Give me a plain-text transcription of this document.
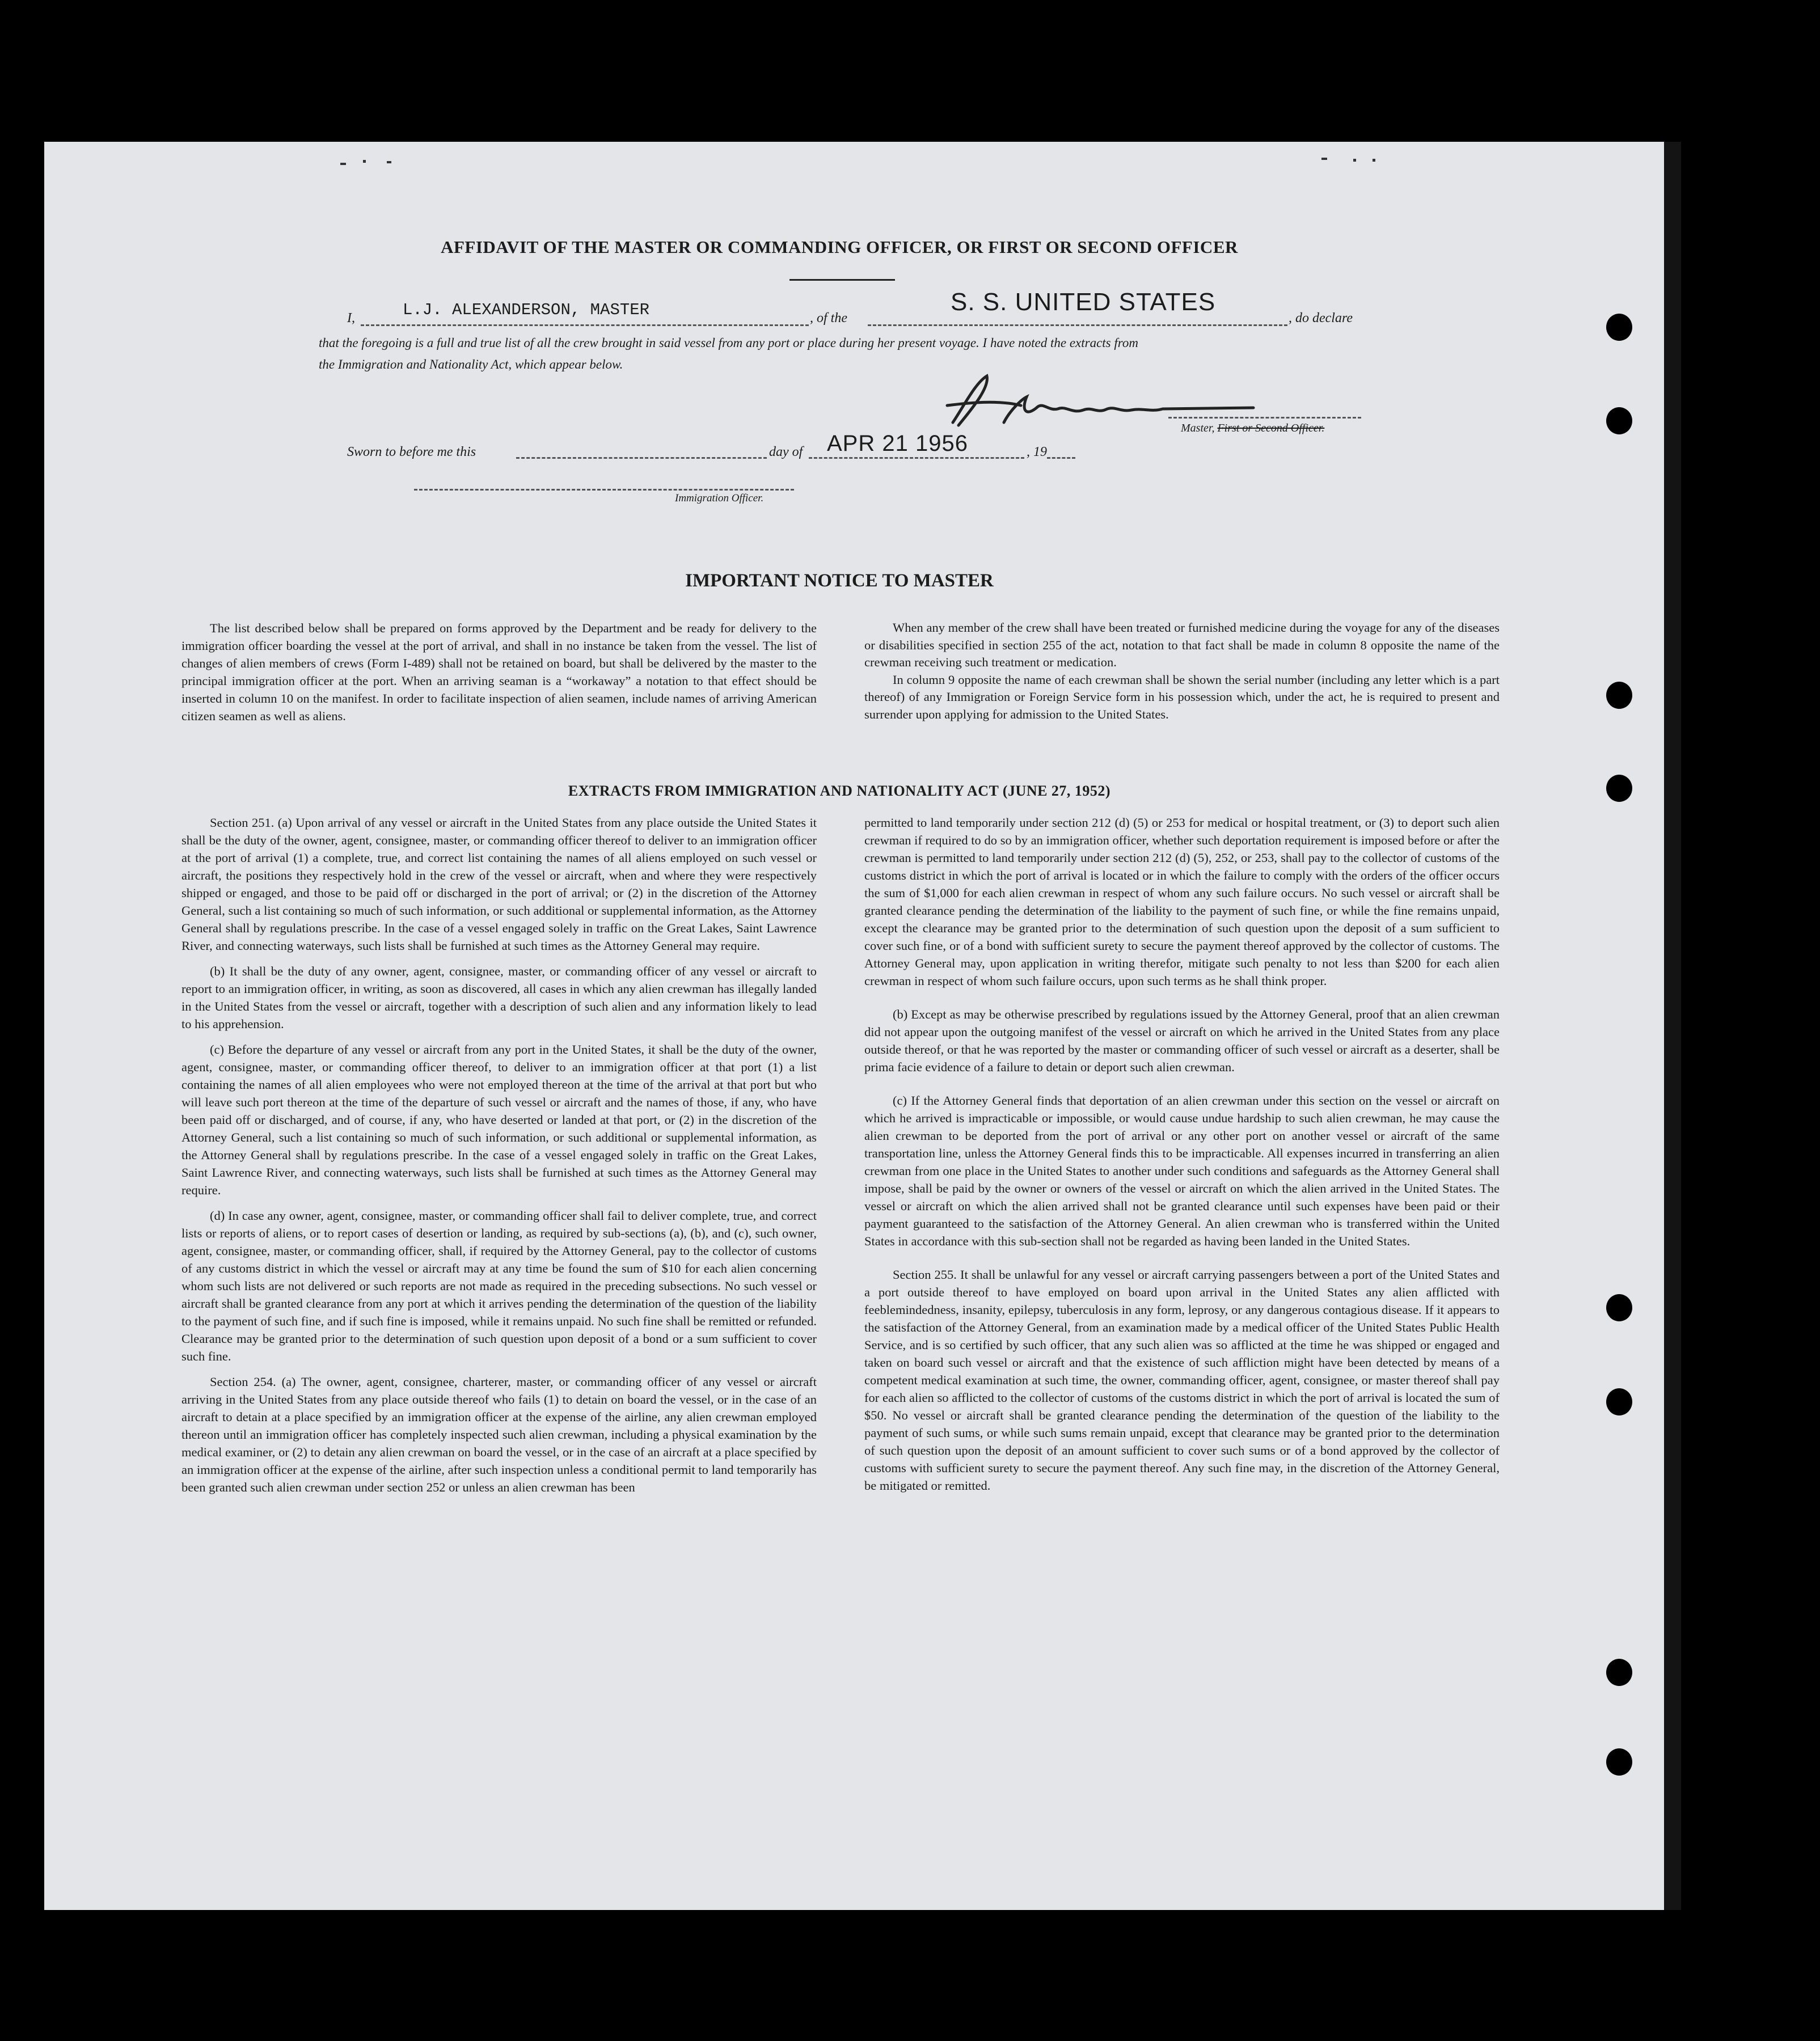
AFFIDAVIT OF THE MASTER OR COMMANDING OFFICER, OR FIRST OR SECOND OFFICER
I,	L.J. ALEXANDERSON, MASTER	, of the
S. S. UNITED STATES
, do declare
that the foregoing is a full and true list of all the crew brought in said vessel from any port or place during her present voyage. I have noted the extracts from
the Immigration and Nationality Act, which appear below.
Master, First or Second Officer.
Sworn to before me this	day of APR 21 1956	, 19
Immigration Officer.
IMPORTANT NOTICE TO MASTER

The list described below shall be prepared on forms approved by the Department and be ready for delivery to the immigration officer boarding the vessel at the port of arrival, and shall in no instance be taken from the vessel. The list of changes of alien members of crews (Form I-489) shall not be retained on board, but shall be delivered by the master to the principal immigration officer at the port. When an arriving seaman is a “workaway” a notation to that effect should be inserted in column 10 on the manifest. In order to facilitate inspection of alien seamen, include names of arriving American citizen seamen as well as aliens.

When any member of the crew shall have been treated or furnished medicine during the voyage for any of the diseases or disabilities specified in section 255 of the act, notation to that fact shall be made in column 8 opposite the name of the crewman receiving such treatment or medication.

In column 9 opposite the name of each crewman shall be shown the serial number (including any letter which is a part thereof) of any Immigration or Foreign Service form in his possession which, under the act, he is required to present and surrender upon applying for admission to the United States.

EXTRACTS FROM IMMIGRATION AND NATIONALITY ACT (JUNE 27, 1952)

Section 251. (a) Upon arrival of any vessel or aircraft in the United States from any place outside the United States it shall be the duty of the owner, agent, consignee, master, or commanding officer thereof to deliver to an immigration officer at the port of arrival (1) a complete, true, and correct list containing the names of all aliens employed on such vessel or aircraft, the positions they respectively hold in the crew of the vessel or aircraft, when and where they were respectively shipped or engaged, and those to be paid off or discharged in the port of arrival; or (2) in the discretion of the Attorney General, such a list containing so much of such information, or such additional or supplemental information, as the Attorney General shall by regulations prescribe. In the case of a vessel engaged solely in traffic on the Great Lakes, Saint Lawrence River, and connecting waterways, such lists shall be furnished at such times as the Attorney General may require.

(b) It shall be the duty of any owner, agent, consignee, master, or commanding officer of any vessel or aircraft to report to an immigration officer, in writing, as soon as discovered, all cases in which any alien crewman has illegally landed in the United States from the vessel or aircraft, together with a description of such alien and any information likely to lead to his apprehension.

(c) Before the departure of any vessel or aircraft from any port in the United States, it shall be the duty of the owner, agent, consignee, master, or commanding officer thereof, to deliver to an immigration officer at that port (1) a list containing the names of all alien employees who were not employed thereon at the time of the arrival at that port but who will leave such port thereon at the time of the departure of such vessel or aircraft and the names of those, if any, who have been paid off or discharged, and of course, if any, who have deserted or landed at that port, or (2) in the discretion of the Attorney General, such a list containing so much of such information, or such additional or supplemental information, as the Attorney General shall by regulations prescribe. In the case of a vessel engaged solely in traffic on the Great Lakes, Saint Lawrence River, and connecting waterways, such lists shall be furnished at such times as the Attorney General may require.

(d) In case any owner, agent, consignee, master, or commanding officer shall fail to deliver complete, true, and correct lists or reports of aliens, or to report cases of desertion or landing, as required by sub-sections (a), (b), and (c), such owner, agent, consignee, master, or commanding officer, shall, if required by the Attorney General, pay to the collector of customs of any customs district in which the vessel or aircraft may at any time be found the sum of $10 for each alien concerning whom such lists are not delivered or such reports are not made as required in the preceding subsections. No such vessel or aircraft shall be granted clearance from any port at which it arrives pending the determination of the question of the liability to the payment of such fine, and if such fine is imposed, while it remains unpaid. No such fine shall be remitted or refunded. Clearance may be granted prior to the determination of such question upon deposit of a bond or a sum sufficient to cover such fine.

Section 254. (a) The owner, agent, consignee, charterer, master, or commanding officer of any vessel or aircraft arriving in the United States from any place outside thereof who fails (1) to detain on board the vessel, or in the case of an aircraft to detain at a place specified by an immigration officer at the expense of the airline, any alien crewman employed thereon until an immigration officer has completely inspected such alien crewman, including a physical examination by the medical examiner, or (2) to detain any alien crewman on board the vessel, or in the case of an aircraft at a place specified by an immigration officer at the expense of the airline, after such inspection unless a conditional permit to land temporarily has been granted such alien crewman under section 252 or unless an alien crewman has been

permitted to land temporarily under section 212 (d) (5) or 253 for medical or hospital treatment, or (3) to deport such alien crewman if required to do so by an immigration officer, whether such deportation requirement is imposed before or after the crewman is permitted to land temporarily under section 212 (d) (5), 252, or 253, shall pay to the collector of customs of the customs district in which the port of arrival is located or in which the failure to comply with the orders of the officer occurs the sum of $1,000 for each alien crewman in respect of whom any such failure occurs. No such vessel or aircraft shall be granted clearance pending the determination of the liability to the payment of such fine, or while the fine remains unpaid, except the clearance may be granted prior to the determination of such question upon the deposit of a sum sufficient to cover such fine, or of a bond with sufficient surety to secure the payment thereof approved by the collector of customs. The Attorney General may, upon application in writing therefor, mitigate such penalty to not less than $200 for each alien crewman in respect of whom such failure occurs, upon such terms as he shall think proper.

(b) Except as may be otherwise prescribed by regulations issued by the Attorney General, proof that an alien crewman did not appear upon the outgoing manifest of the vessel or aircraft on which he arrived in the United States from any place outside thereof, or that he was reported by the master or commanding officer of such vessel or aircraft as a deserter, shall be prima facie evidence of a failure to detain or deport such alien crewman.

(c) If the Attorney General finds that deportation of an alien crewman under this section on the vessel or aircraft on which he arrived is impracticable or impossible, or would cause undue hardship to such alien crewman, he may cause the alien crewman to be deported from the port of arrival or any other port on another vessel or aircraft of the same transportation line, unless the Attorney General finds this to be impracticable. All expenses incurred in transferring an alien crewman from one place in the United States to another under such conditions and safeguards as the Attorney General shall impose, shall be paid by the owner or owners of the vessel or aircraft on which the alien arrived in the United States. The vessel or aircraft on which the alien arrived shall not be granted clearance until such expenses have been paid or their payment guaranteed to the satisfaction of the Attorney General. An alien crewman who is transferred within the United States in accordance with this sub-section shall not be regarded as having been landed in the United States.

Section 255. It shall be unlawful for any vessel or aircraft carrying passengers between a port of the United States and a port outside thereof to have employed on board upon arrival in the United States any alien afflicted with feeblemindedness, insanity, epilepsy, tuberculosis in any form, leprosy, or any dangerous contagious disease. If it appears to the satisfaction of the Attorney General, from an examination made by a medical officer of the United States Public Health Service, and is so certified by such officer, that any such alien was so afflicted at the time he was shipped or engaged and taken on board such vessel or aircraft and that the existence of such affliction might have been detected by means of a competent medical examination at such time, the owner, commanding officer, agent, consignee, or master thereof shall pay for each alien so afflicted to the collector of customs of the customs district in which the port of arrival is located the sum of $50. No vessel or aircraft shall be granted clearance pending the determination of the question of the liability to the payment of such sums, or while such sums remain unpaid, except that clearance may be granted prior to the determination of such question upon the deposit of an amount sufficient to cover such sums or of a bond approved by the collector of customs with sufficient surety to secure the payment thereof. Any such fine may, in the discretion of the Attorney General, be mitigated or remitted.
